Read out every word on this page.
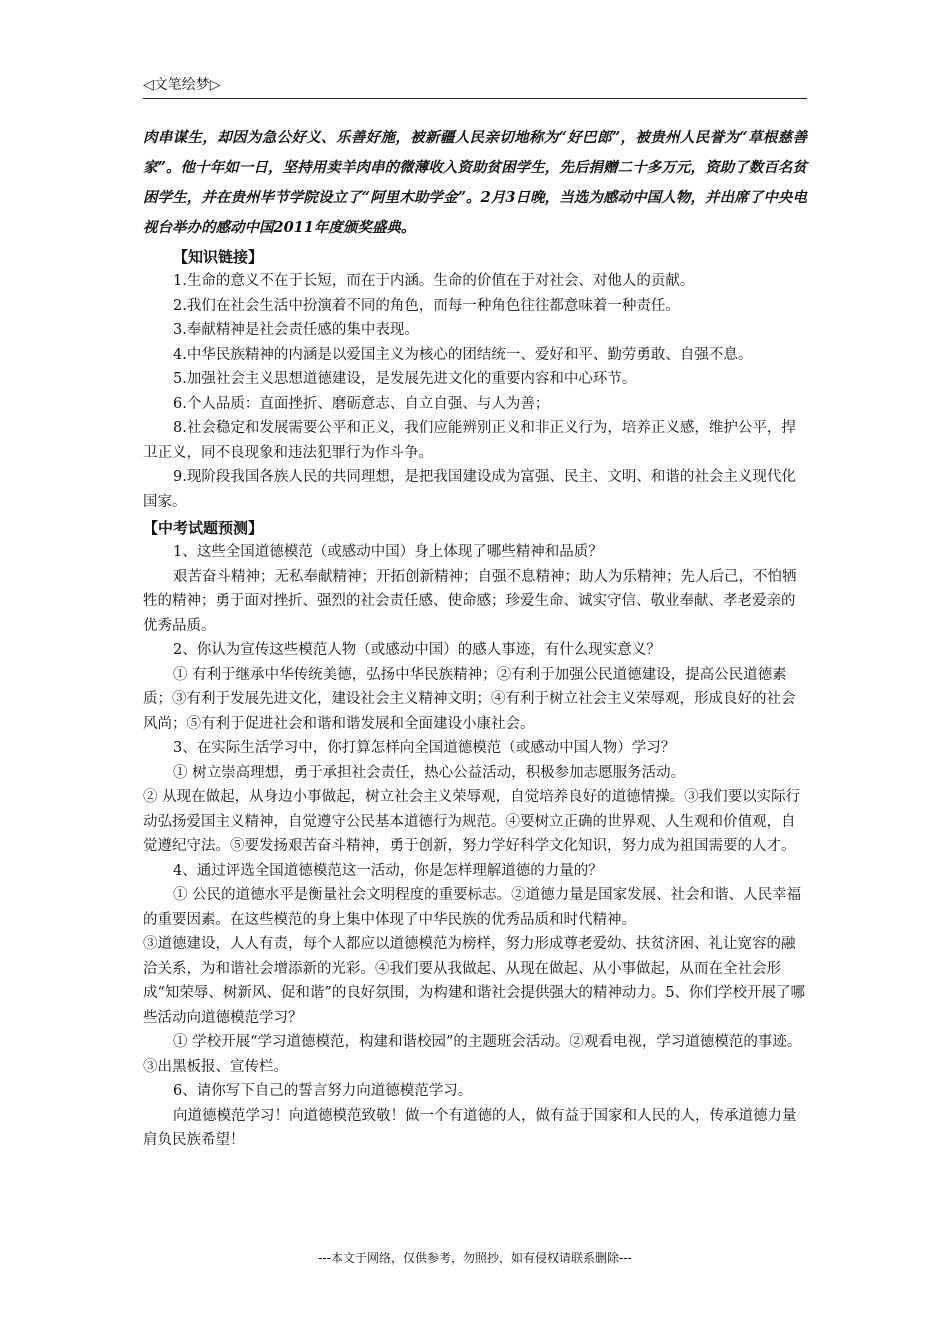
◁文笔绘梦▷

肉串谋生，却因为急公好义、乐善好施，被新疆人民亲切地称为“好巴郎”，被贵州人民誉为“草根慈善家”。他十年如一日，坚持用卖羊肉串的微薄收入资助贫困学生，先后捐赠二十多万元，资助了数百名贫困学生，并在贵州毕节学院设立了“阿里木助学金”。2月3日晚，当选为感动中国人物，并出席了中央电视台举办的感动中国2011年度颁奖盛典。

【知识链接】

1.生命的意义不在于长短，而在于内涵。生命的价值在于对社会、对他人的贡献。

2.我们在社会生活中扮演着不同的角色，而每一种角色往往都意味着一种责任。

3.奉献精神是社会责任感的集中表现。

4.中华民族精神的内涵是以爱国主义为核心的团结统一、爱好和平、勤劳勇敢、自强不息。

5.加强社会主义思想道德建设，是发展先进文化的重要内容和中心环节。

6.个人品质：直面挫折、磨砺意志、自立自强、与人为善；

8.社会稳定和发展需要公平和正义，我们应能辨别正义和非正义行为，培养正义感，维护公平，捍卫正义，同不良现象和违法犯罪行为作斗争。

9.现阶段我国各族人民的共同理想，是把我国建设成为富强、民主、文明、和谐的社会主义现代化国家。

【中考试题预测】

1、这些全国道德模范（或感动中国）身上体现了哪些精神和品质？

艰苦奋斗精神；无私奉献精神；开拓创新精神；自强不息精神；助人为乐精神；先人后己，不怕牺牲的精神；勇于面对挫折、强烈的社会责任感、使命感；珍爱生命、诚实守信、敬业奉献、孝老爱亲的优秀品质。

2、你认为宣传这些模范人物（或感动中国）的感人事迹，有什么现实意义？

① 有利于继承中华传统美德，弘扬中华民族精神；②有利于加强公民道德建设，提高公民道德素质；③有利于发展先进文化，建设社会主义精神文明；④有利于树立社会主义荣辱观，形成良好的社会风尚；⑤有利于促进社会和谐和谐发展和全面建设小康社会。

3、在实际生活学习中，你打算怎样向全国道德模范（或感动中国人物）学习？

① 树立崇高理想，勇于承担社会责任，热心公益活动，积极参加志愿服务活动。

② 从现在做起，从身边小事做起，树立社会主义荣辱观，自觉培养良好的道德情操。③我们要以实际行动弘扬爱国主义精神，自觉遵守公民基本道德行为规范。④要树立正确的世界观、人生观和价值观，自觉遵纪守法。⑤要发扬艰苦奋斗精神，勇于创新，努力学好科学文化知识，努力成为祖国需要的人才。

4、通过评选全国道德模范这一活动，你是怎样理解道德的力量的？

① 公民的道德水平是衡量社会文明程度的重要标志。②道德力量是国家发展、社会和谐、人民幸福的重要因素。在这些模范的身上集中体现了中华民族的优秀品质和时代精神。

③道德建设，人人有责，每个人都应以道德模范为榜样，努力形成尊老爱幼、扶贫济困、礼让宽容的融洽关系，为和谐社会增添新的光彩。④我们要从我做起、从现在做起、从小事做起，从而在全社会形成“知荣辱、树新风、促和谐”的良好氛围，为构建和谐社会提供强大的精神动力。5、你们学校开展了哪些活动向道德模范学习？

① 学校开展“学习道德模范，构建和谐校园”的主题班会活动。②观看电视，学习道德模范的事迹。③出黑板报、宣传栏。

6、请你写下自己的誓言努力向道德模范学习。

向道德模范学习！向道德模范致敬！做一个有道德的人，做有益于国家和人民的人，传承道德力量肩负民族希望！

---本文于网络，仅供参考，勿照抄，如有侵权请联系删除---
